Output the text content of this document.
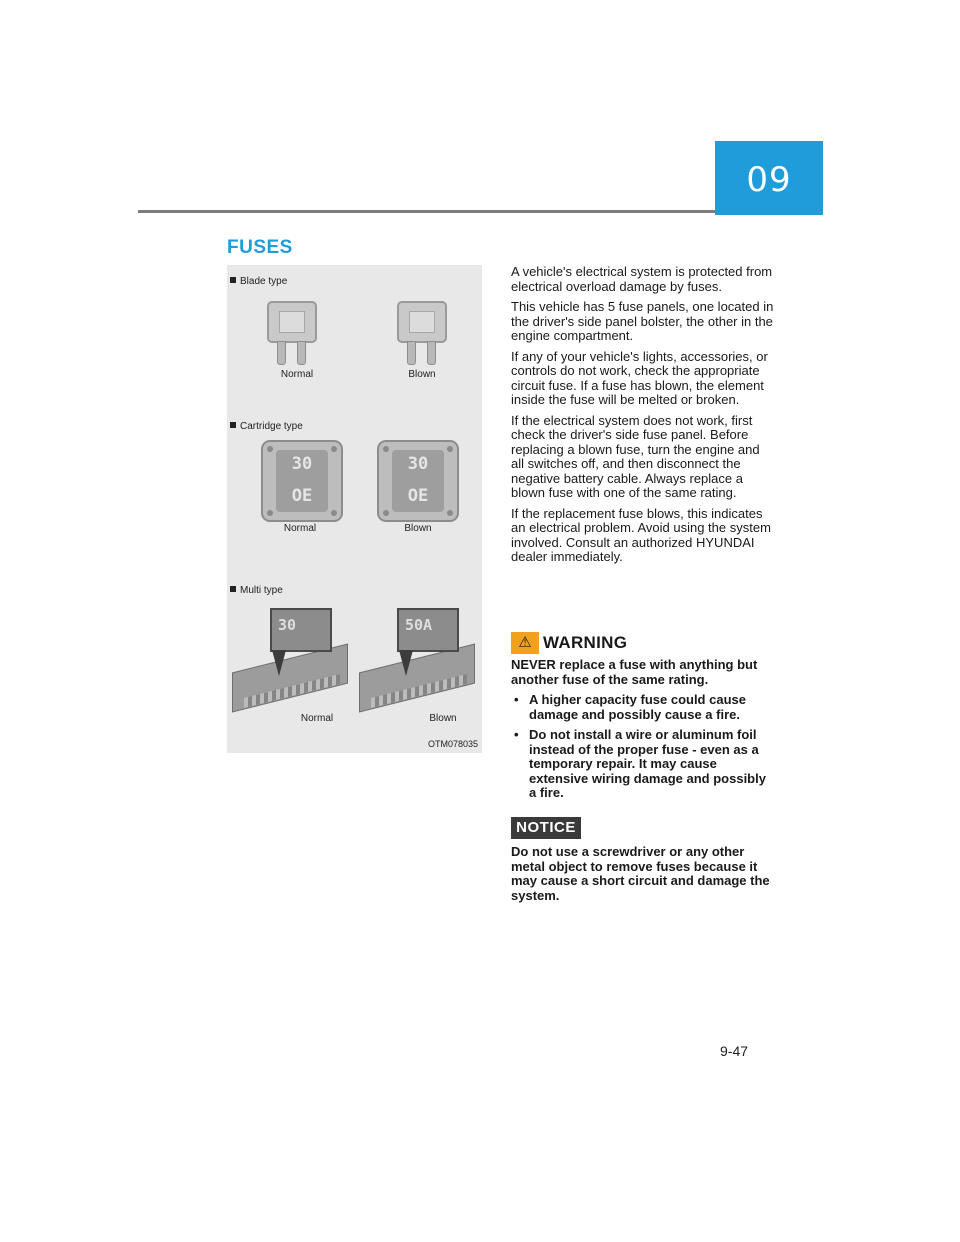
09
FUSES
Blade type
Normal	Blown
Cartridge type
30
OE
30
OE
Normal	Blown
Multi type
30	50A
Normal	Blown
OTM078035

A vehicle's electrical system is protected from electrical overload damage by fuses.

This vehicle has 5 fuse panels, one located in the driver's side panel bolster, the other in the engine compartment.

If any of your vehicle's lights, accessories, or controls do not work, check the appropriate circuit fuse. If a fuse has blown, the element inside the fuse will be melted or broken.

If the electrical system does not work, first check the driver's side fuse panel. Before replacing a blown fuse, turn the engine and all switches off, and then disconnect the negative battery cable. Always replace a blown fuse with one of the same rating.

If the replacement fuse blows, this indicates an electrical problem. Avoid using the system involved. Consult an authorized HYUNDAI dealer immediately.

⚠ WARNING

NEVER replace a fuse with anything but another fuse of the same rating.

• A higher capacity fuse could cause damage and possibly cause a fire.
• Do not install a wire or aluminum foil instead of the proper fuse - even as a temporary repair. It may cause extensive wiring damage and possibly a fire.
NOTICE
Do not use a screwdriver or any other metal object to remove fuses because it may cause a short circuit and damage the system.
9-47
